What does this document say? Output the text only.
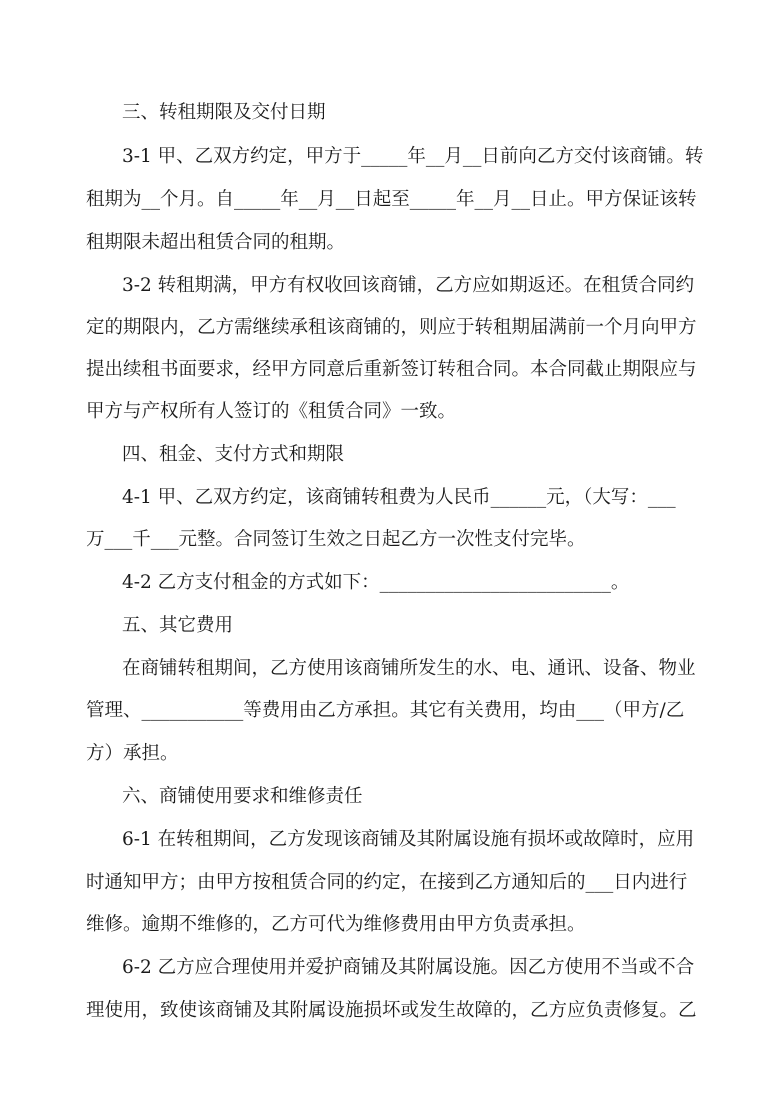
三、转租期限及交付日期

3-1 甲、乙双方约定，甲方于_____年__月__日前向乙方交付该商铺。转

租期为__个月。自_____年__月__日起至_____年__月__日止。甲方保证该转

租期限未超出租赁合同的租期。

3-2 转租期满，甲方有权收回该商铺，乙方应如期返还。在租赁合同约

定的期限内，乙方需继续承租该商铺的，则应于转租期届满前一个月向甲方

提出续租书面要求，经甲方同意后重新签订转租合同。本合同截止期限应与

甲方与产权所有人签订的《租赁合同》一致。

四、租金、支付方式和期限

4-1 甲、乙双方约定，该商铺转租费为人民币______元，（大写：___

万___千___元整。合同签订生效之日起乙方一次性支付完毕。

4-2 乙方支付租金的方式如下：_________________________。

五、其它费用

在商铺转租期间，乙方使用该商铺所发生的水、电、通讯、设备、物业

管理、___________等费用由乙方承担。其它有关费用，均由___（甲方/乙

方）承担。

六、商铺使用要求和维修责任

6-1 在转租期间，乙方发现该商铺及其附属设施有损坏或故障时，应用

时通知甲方；由甲方按租赁合同的约定，在接到乙方通知后的___日内进行

维修。逾期不维修的，乙方可代为维修费用由甲方负责承担。

6-2 乙方应合理使用并爱护商铺及其附属设施。因乙方使用不当或不合

理使用，致使该商铺及其附属设施损坏或发生故障的，乙方应负责修复。乙
